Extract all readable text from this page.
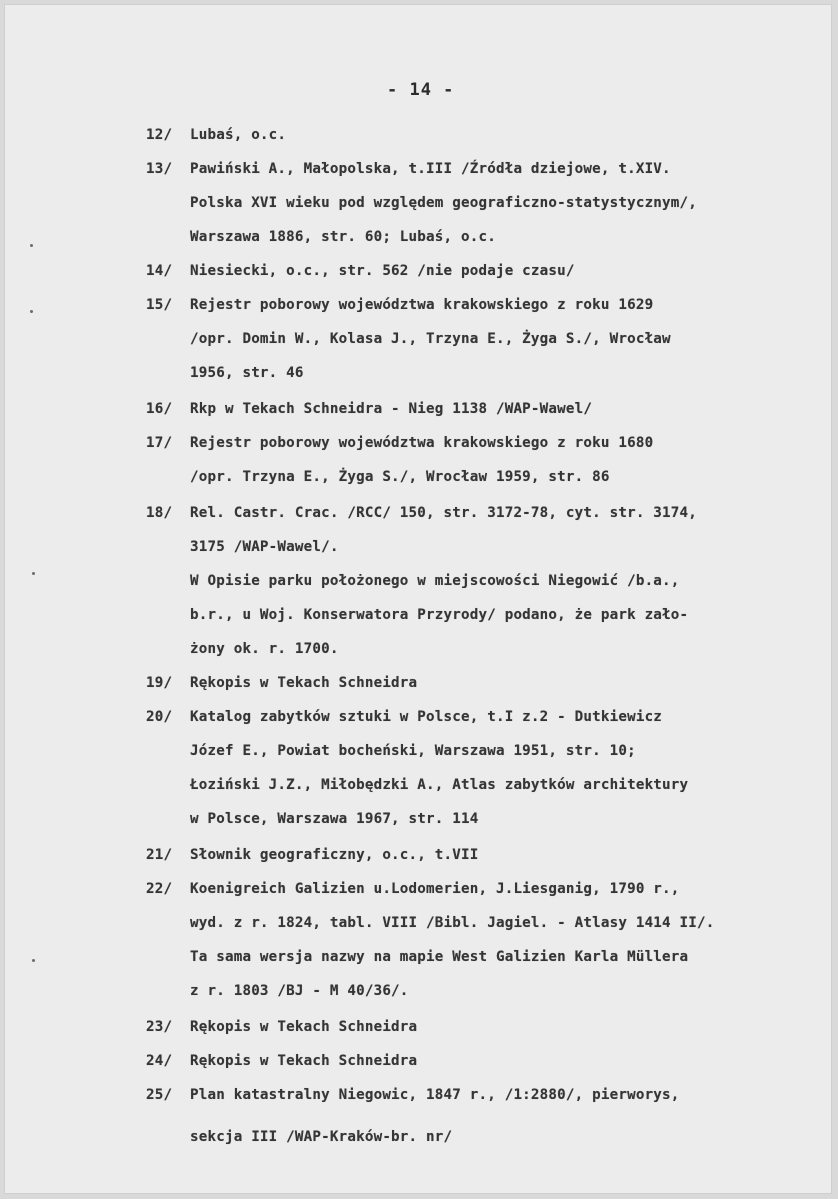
- 14 -
12/	Lubaś, o.c.
13/	Pawiński A., Małopolska, t.III /Źródła dziejowe, t.XIV.
Polska XVI wieku pod względem geograficzno-statystycznym/,
Warszawa 1886, str. 60; Lubaś, o.c.
14/	Niesiecki, o.c., str. 562 /nie podaje czasu/
15/	Rejestr poborowy województwa krakowskiego z roku 1629
/opr. Domin W., Kolasa J., Trzyna E., Żyga S./, Wrocław
1956, str. 46
16/	Rkp w Tekach Schneidra - Nieg 1138 /WAP-Wawel/
17/	Rejestr poborowy województwa krakowskiego z roku 1680
/opr. Trzyna E., Żyga S./, Wrocław 1959, str. 86
18/	Rel. Castr. Crac. /RCC/ 150, str. 3172-78, cyt. str. 3174,
3175 /WAP-Wawel/.
W Opisie parku położonego w miejscowości Niegowić /b.a.,
b.r., u Woj. Konserwatora Przyrody/ podano, że park zało-
żony ok. r. 1700.
19/	Rękopis w Tekach Schneidra
20/	Katalog zabytków sztuki w Polsce, t.I z.2 - Dutkiewicz
Józef E., Powiat bocheński, Warszawa 1951, str. 10;
Łoziński J.Z., Miłobędzki A., Atlas zabytków architektury
w Polsce, Warszawa 1967, str. 114
21/	Słownik geograficzny, o.c., t.VII
22/	Koenigreich Galizien u.Lodomerien, J.Liesganig, 1790 r.,
wyd. z r. 1824, tabl. VIII /Bibl. Jagiel. - Atlasy 1414 II/.
Ta sama wersja nazwy na mapie West Galizien Karla Müllera
z r. 1803 /BJ - M 40/36/.
23/	Rękopis w Tekach Schneidra
24/	Rękopis w Tekach Schneidra
25/	Plan katastralny Niegowic, 1847 r., /1:2880/, pierworys,
sekcja III /WAP-Kraków-br. nr/
